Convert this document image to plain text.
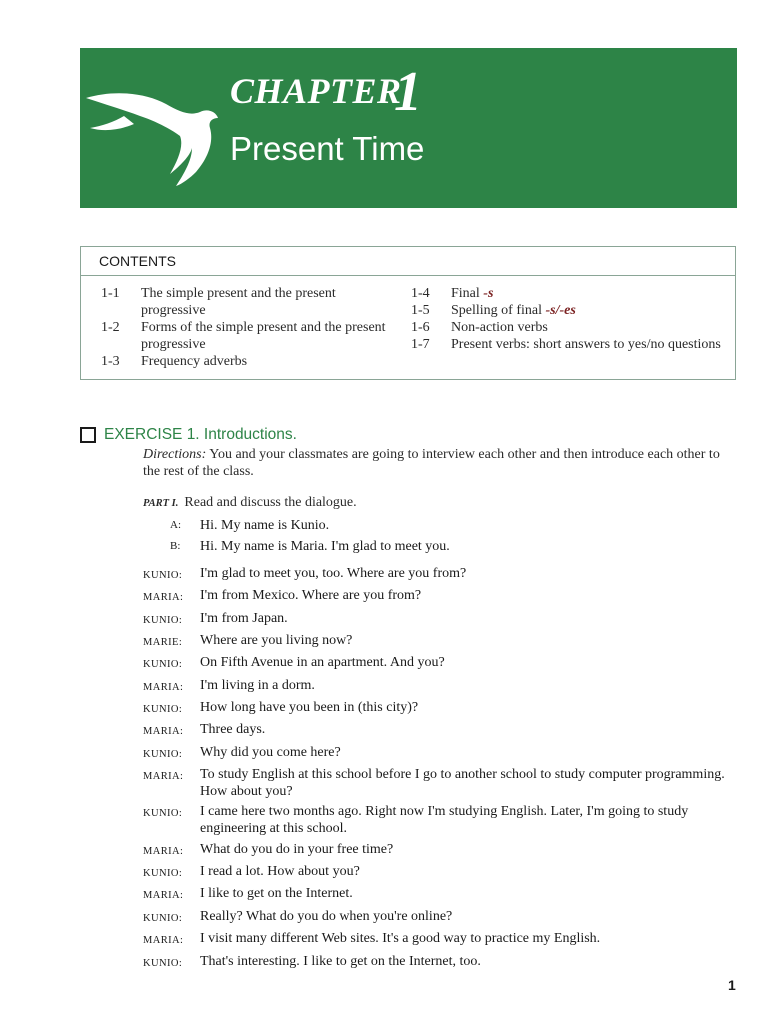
CHAPTER
1
Present Time
CONTENTS
1-1	The simple present and the present progressive
1-2	Forms of the simple present and the present progressive
1-3	Frequency adverbs
1-4	Final -s
1-5	Spelling of final -s/-es
1-6	Non-action verbs
1-7	Present verbs: short answers to yes/no questions
EXERCISE 1. Introductions.
Directions: You and your classmates are going to interview each other and then introduce each other to the rest of the class.
PART I. Read and discuss the dialogue.
A:	Hi. My name is Kunio.
B:	Hi. My name is Maria. I'm glad to meet you.
KUNIO:	I'm glad to meet you, too. Where are you from?
MARIA:	I'm from Mexico. Where are you from?
KUNIO:	I'm from Japan.
MARIE:	Where are you living now?
KUNIO:	On Fifth Avenue in an apartment. And you?
MARIA:	I'm living in a dorm.
KUNIO:	How long have you been in (this city)?
MARIA:	Three days.
KUNIO:	Why did you come here?
MARIA:	To study English at this school before I go to another school to study computer programming. How about you?
KUNIO:	I came here two months ago. Right now I'm studying English. Later, I'm going to study engineering at this school.
MARIA:	What do you do in your free time?
KUNIO:	I read a lot. How about you?
MARIA:	I like to get on the Internet.
KUNIO:	Really? What do you do when you're online?
MARIA:	I visit many different Web sites. It's a good way to practice my English.
KUNIO:	That's interesting. I like to get on the Internet, too.
1
